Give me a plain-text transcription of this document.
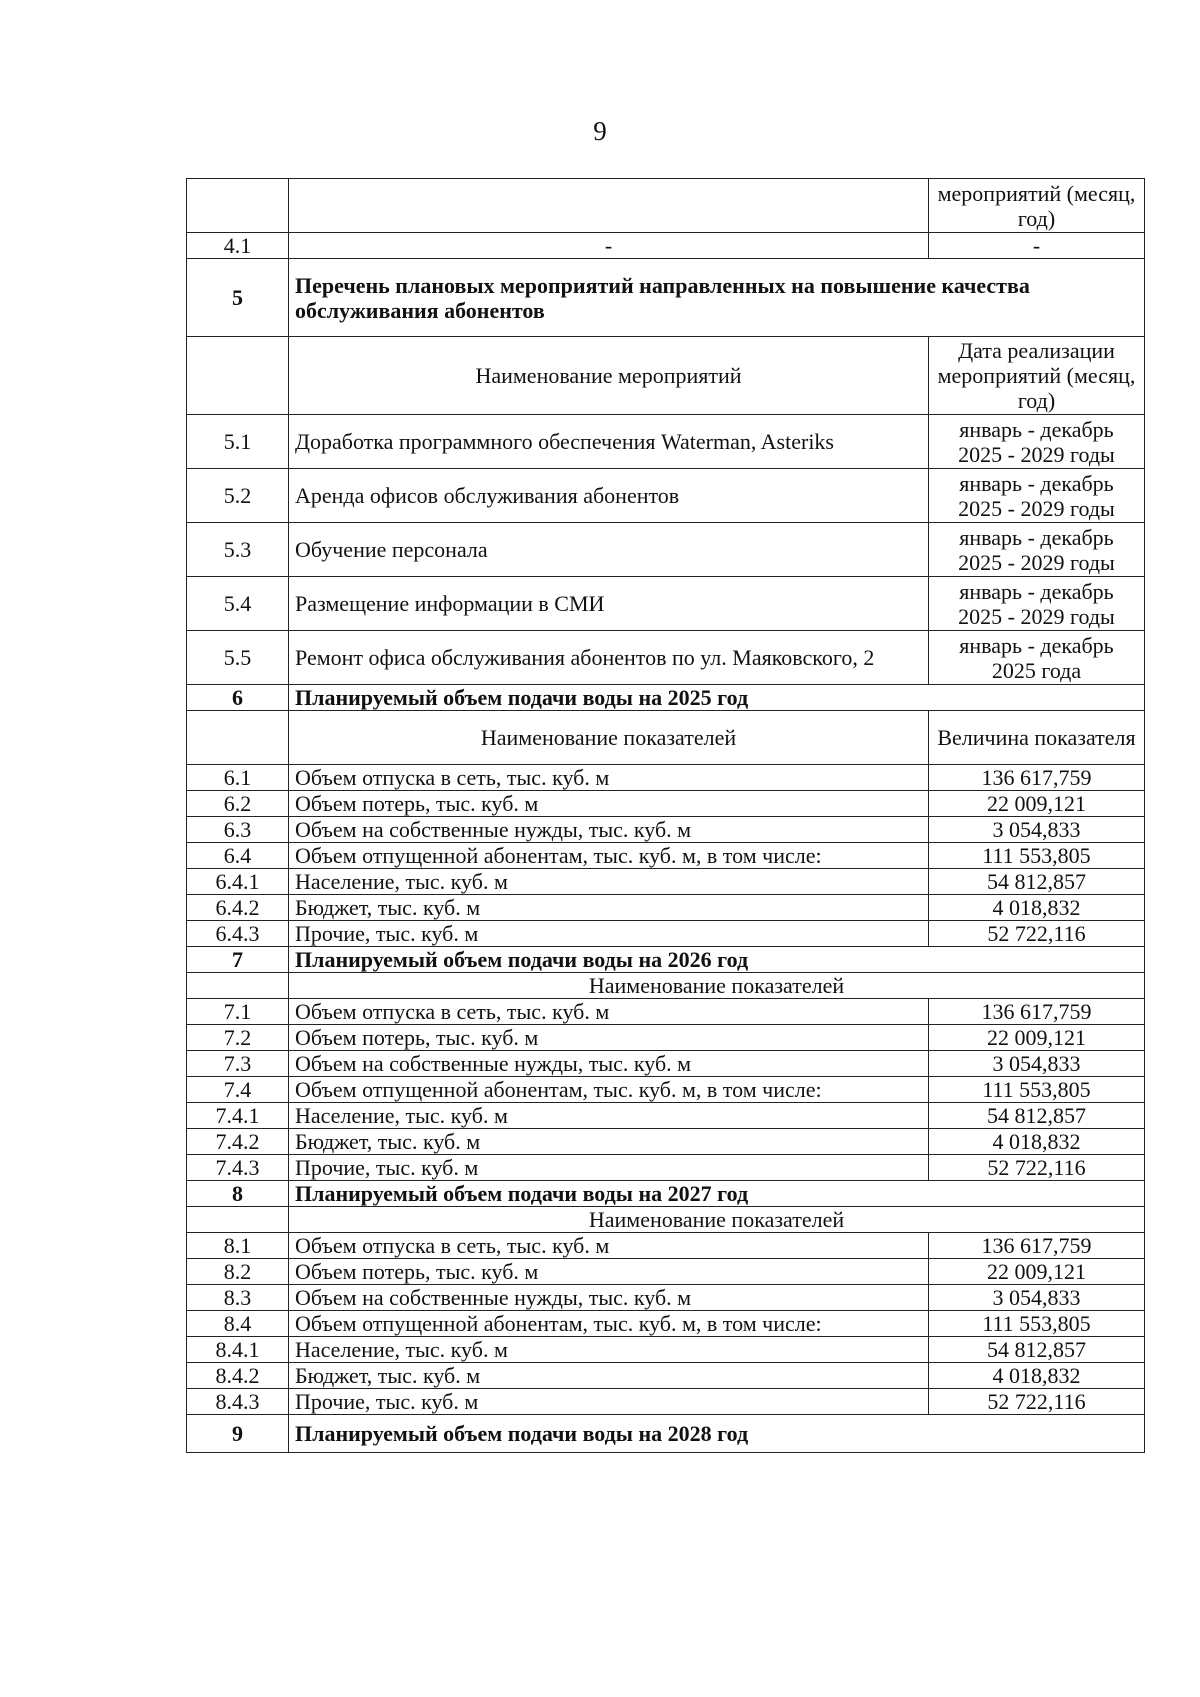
9
		мероприятий (месяц, год)
4.1	-	-
5	Перечень плановых мероприятий направленных на повышение качества обслуживания абонентов	
	Наименование мероприятий	Дата реализации мероприятий (месяц, год)
5.1	Доработка программного обеспечения Waterman, Asteriks	январь - декабрь 2025 - 2029 годы
5.2	Аренда офисов обслуживания абонентов	январь - декабрь 2025 - 2029 годы
5.3	Обучение персонала	январь - декабрь 2025 - 2029 годы
5.4	Размещение информации в СМИ	январь - декабрь 2025 - 2029 годы
5.5	Ремонт офиса обслуживания абонентов по ул. Маяковского, 2	январь - декабрь 2025 года
6	Планируемый объем подачи воды на 2025 год	
	Наименование показателей	Величина показателя
6.1	Объем отпуска в сеть, тыс. куб. м	136 617,759
6.2	Объем потерь, тыс. куб. м	22 009,121
6.3	Объем на собственные нужды, тыс. куб. м	3 054,833
6.4	Объем отпущенной абонентам, тыс. куб. м, в том числе:	111 553,805
6.4.1	Население, тыс. куб. м	54 812,857
6.4.2	Бюджет, тыс. куб. м	4 018,832
6.4.3	Прочие, тыс. куб. м	52 722,116
7	Планируемый объем подачи воды на 2026 год	
	Наименование показателей	
7.1	Объем отпуска в сеть, тыс. куб. м	136 617,759
7.2	Объем потерь, тыс. куб. м	22 009,121
7.3	Объем на собственные нужды, тыс. куб. м	3 054,833
7.4	Объем отпущенной абонентам, тыс. куб. м, в том числе:	111 553,805
7.4.1	Население, тыс. куб. м	54 812,857
7.4.2	Бюджет, тыс. куб. м	4 018,832
7.4.3	Прочие, тыс. куб. м	52 722,116
8	Планируемый объем подачи воды на 2027 год	
	Наименование показателей	
8.1	Объем отпуска в сеть, тыс. куб. м	136 617,759
8.2	Объем потерь, тыс. куб. м	22 009,121
8.3	Объем на собственные нужды, тыс. куб. м	3 054,833
8.4	Объем отпущенной абонентам, тыс. куб. м, в том числе:	111 553,805
8.4.1	Население, тыс. куб. м	54 812,857
8.4.2	Бюджет, тыс. куб. м	4 018,832
8.4.3	Прочие, тыс. куб. м	52 722,116
9	Планируемый объем подачи воды на 2028 год	
